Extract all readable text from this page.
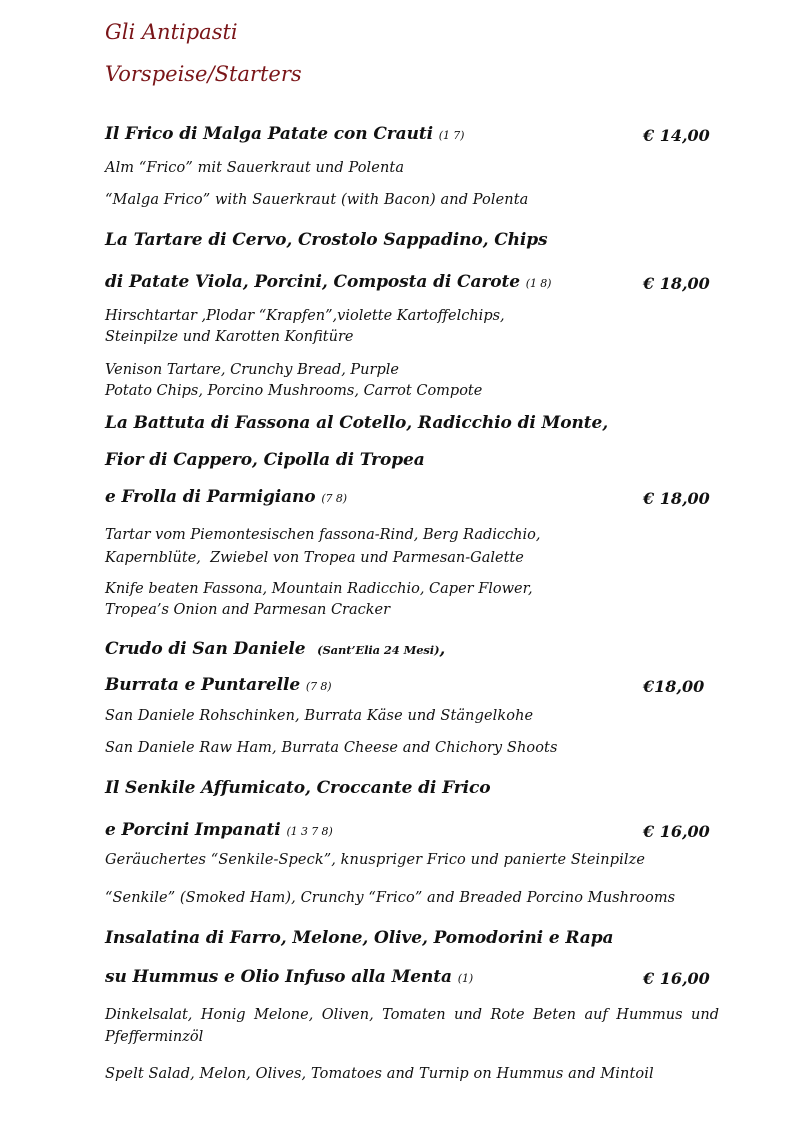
Gli Antipasti
Vorspeise/Starters
Il Frico di Malga Patate con Crauti (1 7)	€ 14,00
Alm “Frico” mit Sauerkraut und Polenta
“Malga Frico” with Sauerkraut (with Bacon) and Polenta
La Tartare di Cervo, Crostolo Sappadino, Chips
di Patate Viola, Porcini, Composta di Carote (1 8)	€ 18,00
Hirschtartar ,Plodar “Krapfen”,violette Kartoffelchips,
Steinpilze und Karotten Konfitüre
Venison Tartare, Crunchy Bread, Purple
Potato Chips, Porcino Mushrooms, Carrot Compote
La Battuta di Fassona al Cotello, Radicchio di Monte,
Fior di Cappero, Cipolla di Tropea
e Frolla di Parmigiano (7 8)	€ 18,00
Tartar vom Piemontesischen fassona-Rind, Berg Radicchio,
Kapernblüte,  Zwiebel von Tropea und Parmesan-Galette
Knife beaten Fassona, Mountain Radicchio, Caper Flower,
Tropea’s Onion and Parmesan Cracker
Crudo di San Daniele (Sant’Elia 24 Mesi),
Burrata e Puntarelle (7 8)	€18,00
San Daniele Rohschinken, Burrata Käse und Stängelkohe
San Daniele Raw Ham, Burrata Cheese and Chichory Shoots
Il Senkile Affumicato, Croccante di Frico
e Porcini Impanati (1 3 7 8)	€ 16,00
Geräuchertes “Senkile-Speck”, knuspriger Frico und panierte Steinpilze
“Senkile” (Smoked Ham), Crunchy “Frico” and Breaded Porcino Mushrooms
Insalatina di Farro, Melone, Olive, Pomodorini e Rapa
su Hummus e Olio Infuso alla Menta (1)	€ 16,00
Dinkelsalat, Honig Melone, Oliven, Tomaten und Rote Beten auf Hummus und Pfefferminzöl
Spelt Salad, Melon, Olives, Tomatoes and Turnip on Hummus and Mintoil
